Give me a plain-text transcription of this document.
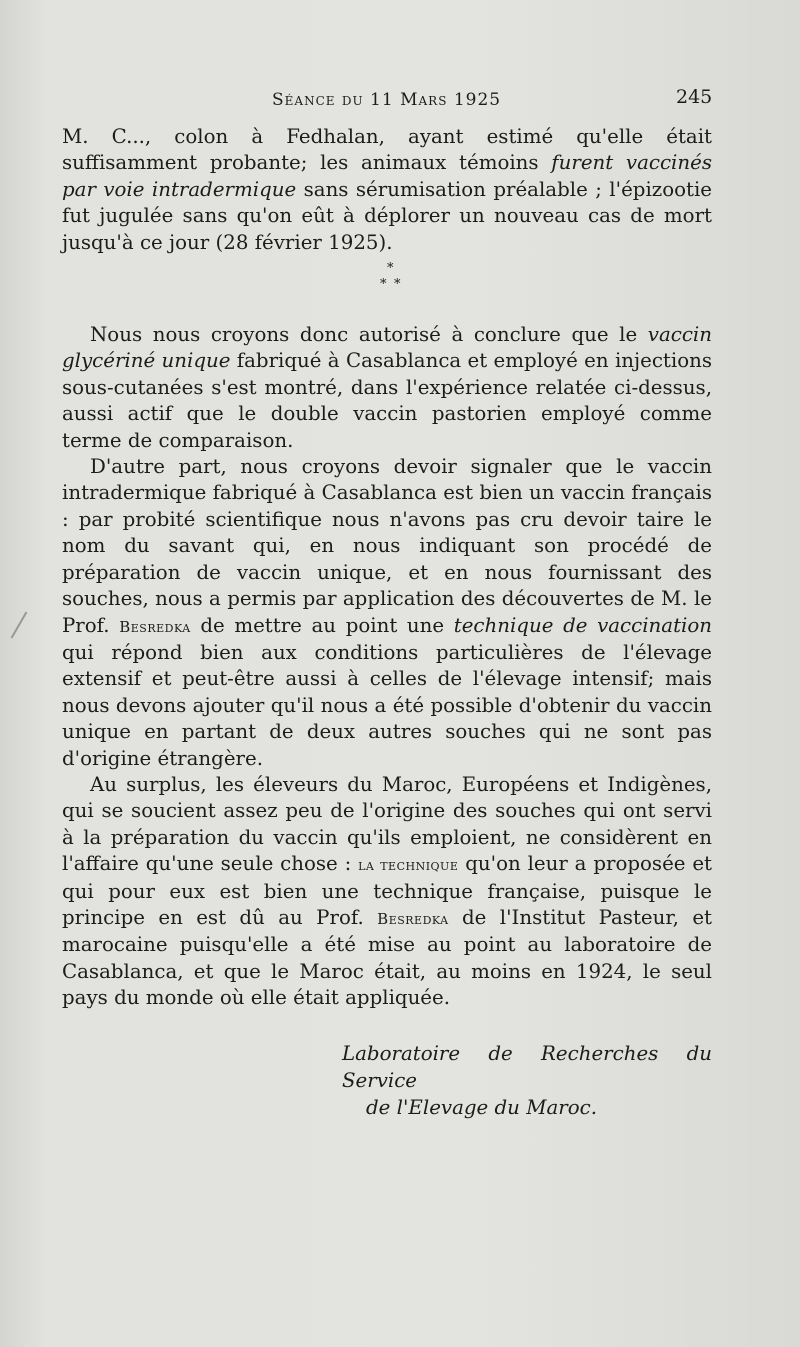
Séance du 11 Mars 1925	245

M. C..., colon à Fedhalan, ayant estimé qu'elle était suffisamment probante; les animaux témoins furent vaccinés par voie intradermique sans sérumisation préalable ; l'épizootie fut jugulée sans qu'on eût à déplorer un nouveau cas de mort jusqu'à ce jour (28 février 1925).

*
* *

Nous nous croyons donc autorisé à conclure que le vaccin glycériné unique fabriqué à Casablanca et employé en injections sous-cutanées s'est montré, dans l'expérience relatée ci-dessus, aussi actif que le double vaccin pastorien employé comme terme de comparaison.

D'autre part, nous croyons devoir signaler que le vaccin intradermique fabriqué à Casablanca est bien un vaccin français : par probité scientifique nous n'avons pas cru devoir taire le nom du savant qui, en nous indiquant son procédé de préparation de vaccin unique, et en nous fournissant des souches, nous a permis par application des découvertes de M. le Prof. Besredka de mettre au point une technique de vaccination qui répond bien aux conditions particulières de l'élevage extensif et peut-être aussi à celles de l'élevage intensif; mais nous devons ajouter qu'il nous a été possible d'obtenir du vaccin unique en partant de deux autres souches qui ne sont pas d'origine étrangère.

Au surplus, les éleveurs du Maroc, Européens et Indigènes, qui se soucient assez peu de l'origine des souches qui ont servi à la préparation du vaccin qu'ils emploient, ne considèrent en l'affaire qu'une seule chose : la technique qu'on leur a proposée et qui pour eux est bien une technique française, puisque le principe en est dû au Prof. Besredka de l'Institut Pasteur, et marocaine puisqu'elle a été mise au point au laboratoire de Casablanca, et que le Maroc était, au moins en 1924, le seul pays du monde où elle était appliquée.

Laboratoire de Recherches du Service
de l'Elevage du Maroc.
